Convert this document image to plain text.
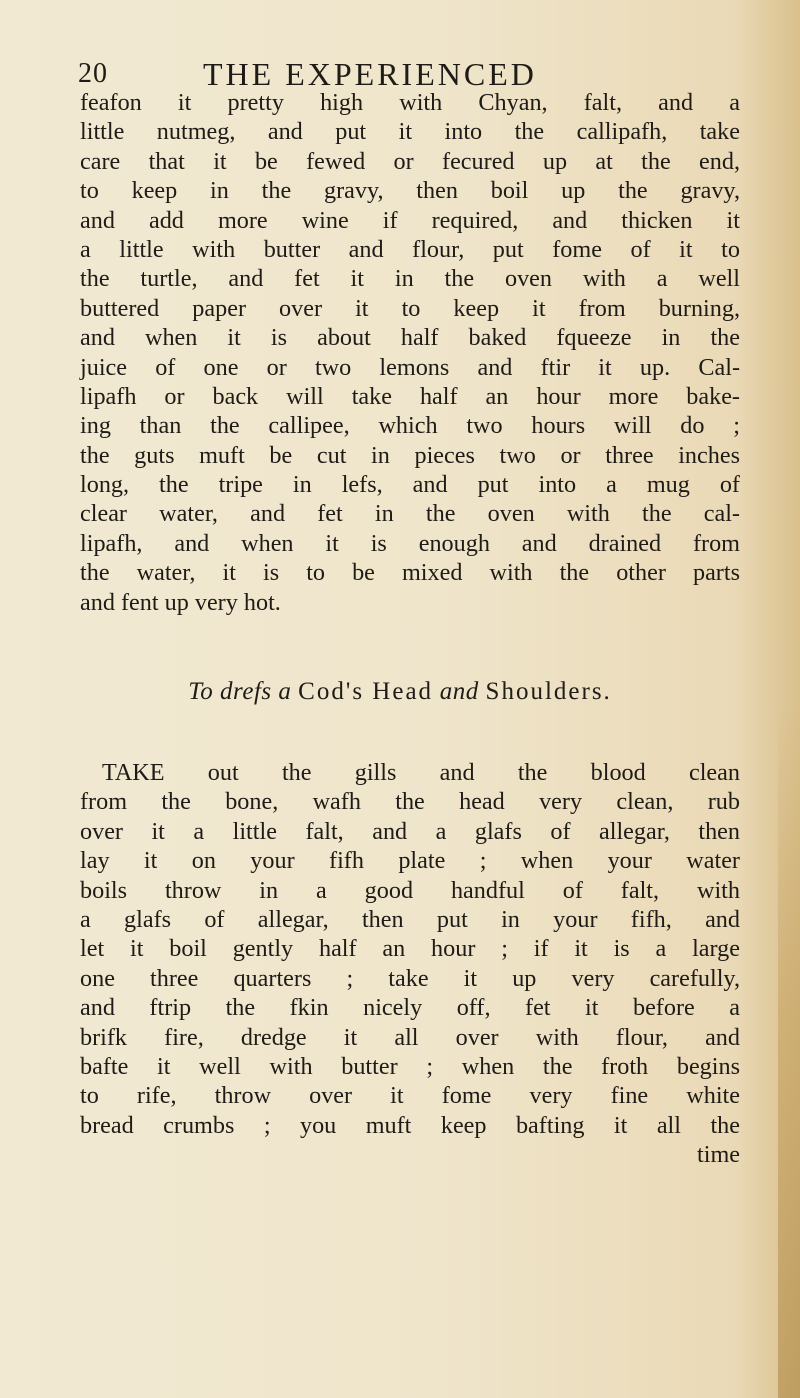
20	THE EXPERIENCED
feafon it pretty high with Chyan, falt, and a
little nutmeg, and put it into the callipafh, take
care that it be fewed or fecured up at the end,
to keep in the gravy, then boil up the gravy,
and add more wine if required, and thicken it
a little with butter and flour, put fome of it to
the turtle, and fet it in the oven with a well
buttered paper over it to keep it from burning,
and when it is about half baked fqueeze in the
juice of one or two lemons and ftir it up. Cal-
lipafh or back will take half an hour more bake-
ing than the callipee, which two hours will do ;
the guts muft be cut in pieces two or three inches
long, the tripe in lefs, and put into a mug of
clear water, and fet in the oven with the cal-
lipafh, and when it is enough and drained from
the water, it is to be mixed with the other parts
and fent up very hot.
To drefs a Cod's Head and Shoulders.
TAKE out the gills and the blood clean
from the bone, wafh the head very clean, rub
over it a little falt, and a glafs of allegar, then
lay it on your fifh plate ; when your water
boils throw in a good handful of falt, with
a glafs of allegar, then put in your fifh, and
let it boil gently half an hour ; if it is a large
one three quarters ; take it up very carefully,
and ftrip the fkin nicely off, fet it before a
brifk fire, dredge it all over with flour, and
bafte it well with butter ; when the froth begins
to rife, throw over it fome very fine white
bread crumbs ; you muft keep bafting it all the
time
